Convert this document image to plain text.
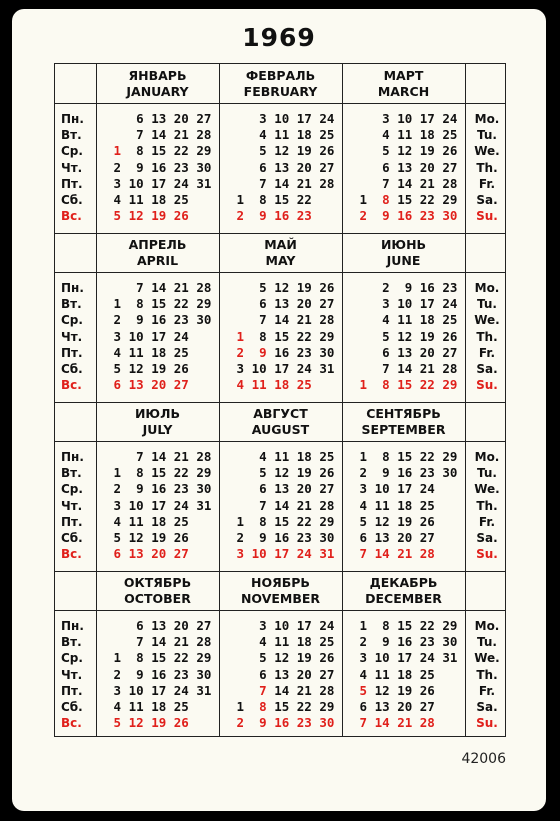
1969
Пн.
Вт.
Ср.
Чт.
Пт.
Сб.
Вс.
Mo.
Tu.
We.
Th.
Fr.
Sa.
Su.
ЯНВАРЬ
JANUARY
6 13 20 27
7 14 21 28
1  8 15 22 29
2  9 16 23 30
3 10 17 24 31
4 11 18 25
5 12 19 26
ФЕВРАЛЬ
FEBRUARY
3 10 17 24
4 11 18 25
5 12 19 26
6 13 20 27
7 14 21 28
1  8 15 22
2  9 16 23
МАРТ
MARCH
3 10 17 24
4 11 18 25
5 12 19 26
6 13 20 27
7 14 21 28
1  8 15 22 29
2  9 16 23 30
Пн.
Вт.
Ср.
Чт.
Пт.
Сб.
Вс.
Mo.
Tu.
We.
Th.
Fr.
Sa.
Su.
АПРЕЛЬ
APRIL
7 14 21 28
1  8 15 22 29
2  9 16 23 30
3 10 17 24
4 11 18 25
5 12 19 26
6 13 20 27
МАЙ
MAY
5 12 19 26
6 13 20 27
7 14 21 28
1  8 15 22 29
2  9 16 23 30
3 10 17 24 31
4 11 18 25
ИЮНЬ
JUNE
2  9 16 23
3 10 17 24
4 11 18 25
5 12 19 26
6 13 20 27
7 14 21 28
1  8 15 22 29
Пн.
Вт.
Ср.
Чт.
Пт.
Сб.
Вс.
Mo.
Tu.
We.
Th.
Fr.
Sa.
Su.
ИЮЛЬ
JULY
7 14 21 28
1  8 15 22 29
2  9 16 23 30
3 10 17 24 31
4 11 18 25
5 12 19 26
6 13 20 27
АВГУСТ
AUGUST
4 11 18 25
5 12 19 26
6 13 20 27
7 14 21 28
1  8 15 22 29
2  9 16 23 30
3 10 17 24 31
СЕНТЯБРЬ
SEPTEMBER
1  8 15 22 29
2  9 16 23 30
3 10 17 24
4 11 18 25
5 12 19 26
6 13 20 27
7 14 21 28
Пн.
Вт.
Ср.
Чт.
Пт.
Сб.
Вс.
Mo.
Tu.
We.
Th.
Fr.
Sa.
Su.
ОКТЯБРЬ
OCTOBER
6 13 20 27
7 14 21 28
1  8 15 22 29
2  9 16 23 30
3 10 17 24 31
4 11 18 25
5 12 19 26
НОЯБРЬ
NOVEMBER
3 10 17 24
4 11 18 25
5 12 19 26
6 13 20 27
7 14 21 28
1  8 15 22 29
2  9 16 23 30
ДЕКАБРЬ
DECEMBER
1  8 15 22 29
2  9 16 23 30
3 10 17 24 31
4 11 18 25
5 12 19 26
6 13 20 27
7 14 21 28
42006
